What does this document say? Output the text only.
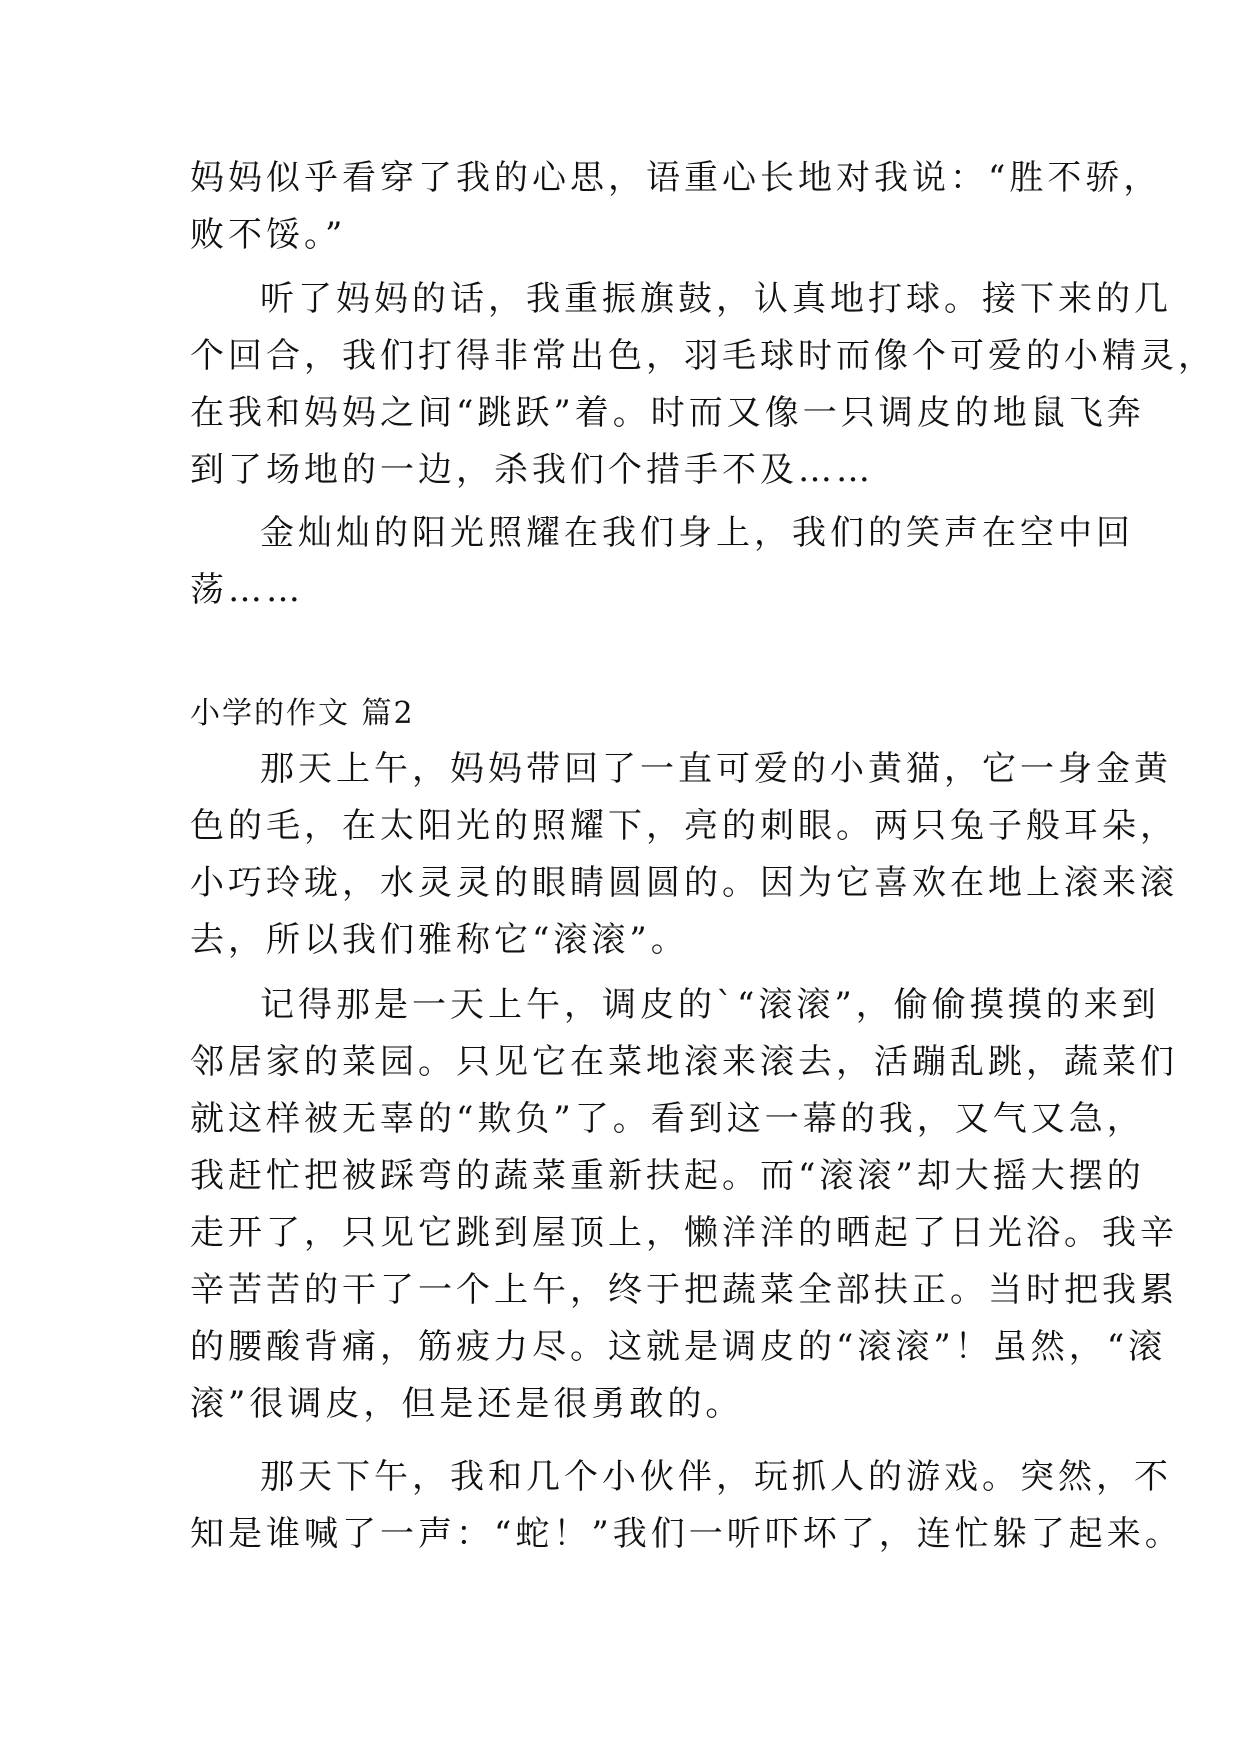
妈妈似乎看穿了我的心思，语重心长地对我说：“胜不骄，
败不馁。”
听了妈妈的话，我重振旗鼓，认真地打球。接下来的几
个回合，我们打得非常出色，羽毛球时而像个可爱的小精灵，
在我和妈妈之间“跳跃”着。时而又像一只调皮的地鼠飞奔
到了场地的一边，杀我们个措手不及……
金灿灿的阳光照耀在我们身上，我们的笑声在空中回
荡……
小学的作文 篇2
那天上午，妈妈带回了一直可爱的小黄猫，它一身金黄
色的毛，在太阳光的照耀下，亮的刺眼。两只兔子般耳朵，
小巧玲珑，水灵灵的眼睛圆圆的。因为它喜欢在地上滚来滚
去，所以我们雅称它“滚滚”。
记得那是一天上午，调皮的`“滚滚”，偷偷摸摸的来到
邻居家的菜园。只见它在菜地滚来滚去，活蹦乱跳，蔬菜们
就这样被无辜的“欺负”了。看到这一幕的我，又气又急，
我赶忙把被踩弯的蔬菜重新扶起。而“滚滚”却大摇大摆的
走开了，只见它跳到屋顶上，懒洋洋的晒起了日光浴。我辛
辛苦苦的干了一个上午，终于把蔬菜全部扶正。当时把我累
的腰酸背痛，筋疲力尽。这就是调皮的“滚滚”！虽然，“滚
滚”很调皮，但是还是很勇敢的。
那天下午，我和几个小伙伴，玩抓人的游戏。突然，不
知是谁喊了一声：“蛇！”我们一听吓坏了，连忙躲了起来。
